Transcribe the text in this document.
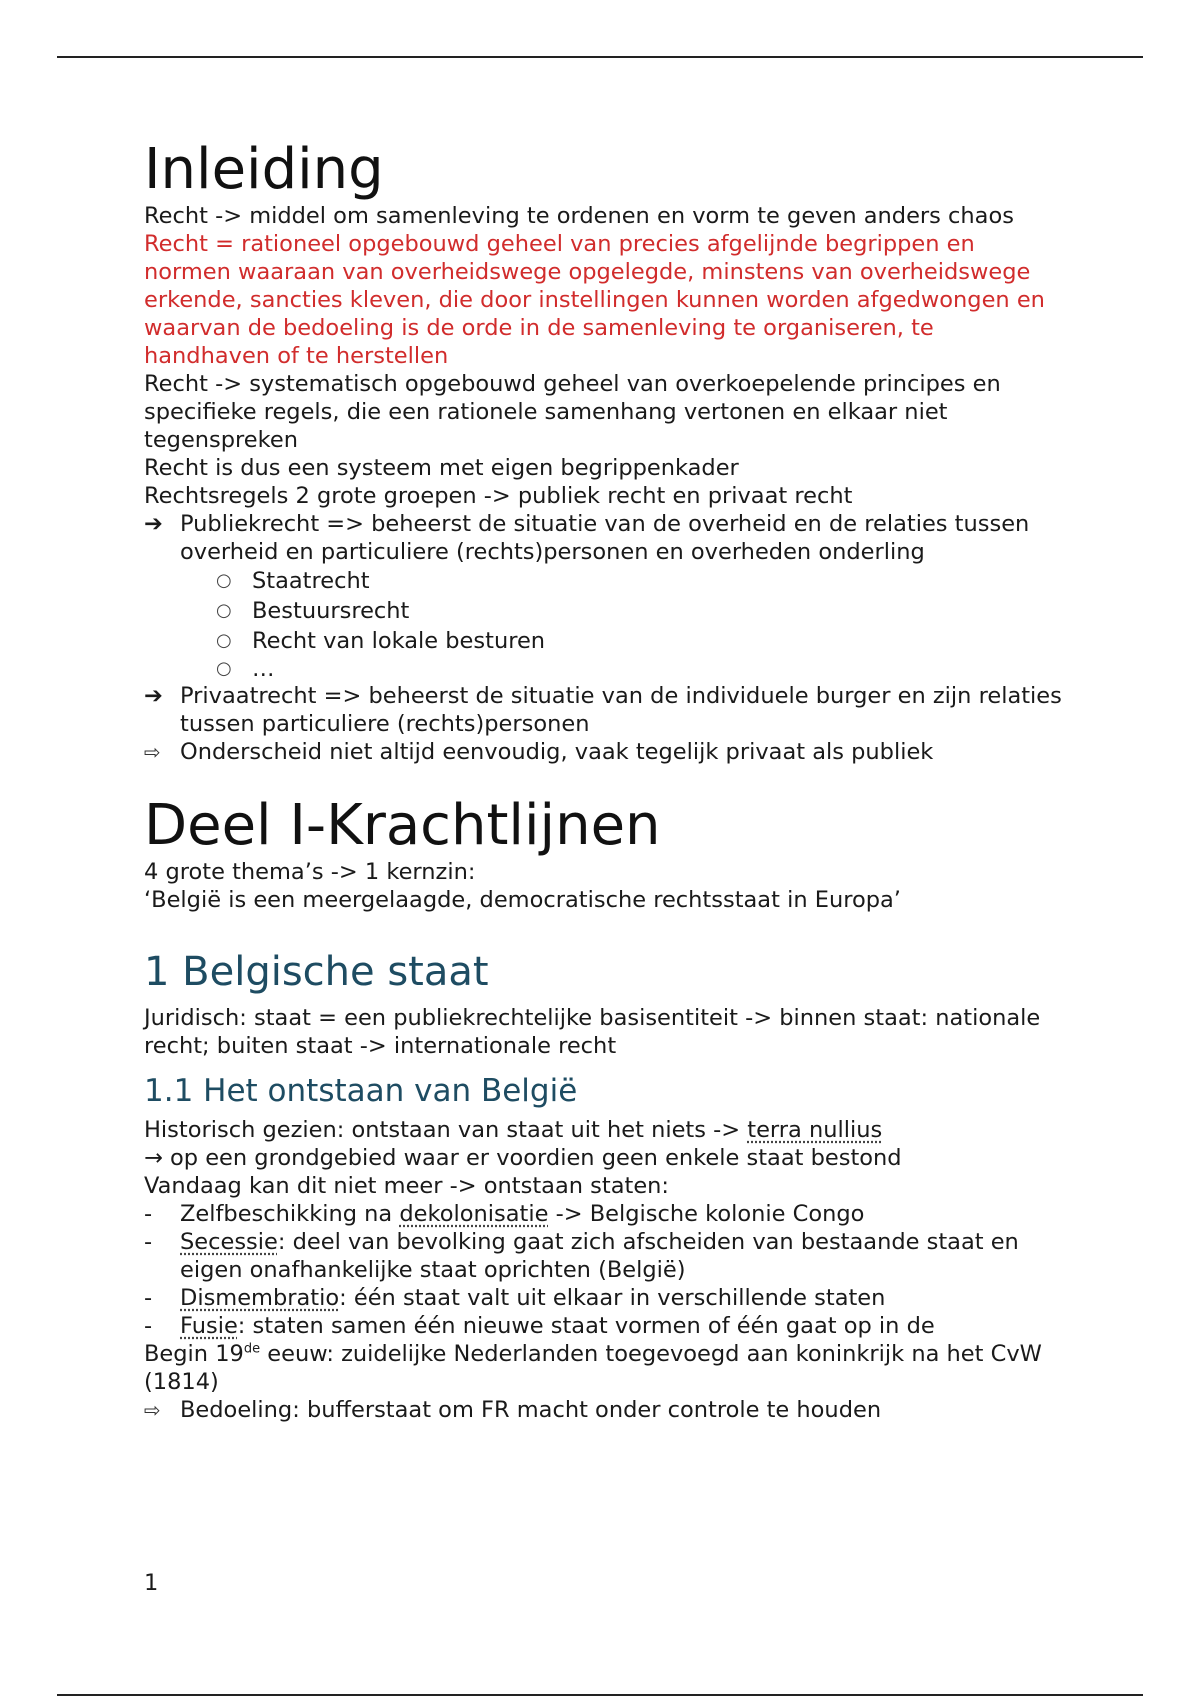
Inleiding

Recht -> middel om samenleving te ordenen en vorm te geven anders chaos

Recht = rationeel opgebouwd geheel van precies afgelijnde begrippen en normen waaraan van overheidswege opgelegde, minstens van overheidswege erkende, sancties kleven, die door instellingen kunnen worden afgedwongen en waarvan de bedoeling is de orde in de samenleving te organiseren, te handhaven of te herstellen

Recht -> systematisch opgebouwd geheel van overkoepelende principes en specifieke regels, die een rationele samenhang vertonen en elkaar niet tegenspreken

Recht is dus een systeem met eigen begrippenkader

Rechtsregels 2 grote groepen -> publiek recht en privaat recht

➔ Publiekrecht => beheerst de situatie van de overheid en de relaties tussen overheid en particuliere (rechts)personen en overheden onderling
○ Staatrecht
○ Bestuursrecht
○ Recht van lokale besturen
○ …
➔ Privaatrecht => beheerst de situatie van de individuele burger en zijn relaties tussen particuliere (rechts)personen
⇨ Onderscheid niet altijd eenvoudig, vaak tegelijk privaat als publiek
Deel I-Krachtlijnen

4 grote thema’s -> 1 kernzin:

‘België is een meergelaagde, democratische rechtsstaat in Europa’

1 Belgische staat

Juridisch: staat = een publiekrechtelijke basisentiteit -> binnen staat: nationale recht; buiten staat -> internationale recht

1.1 Het ontstaan van België

Historisch gezien: ontstaan van staat uit het niets -> terra nullius

→ op een grondgebied waar er voordien geen enkele staat bestond

Vandaag kan dit niet meer -> ontstaan staten:

-	Zelfbeschikking na dekolonisatie -> Belgische kolonie Congo
-	Secessie: deel van bevolking gaat zich afscheiden van bestaande staat en eigen onafhankelijke staat oprichten (België)
-	Dismembratio: één staat valt uit elkaar in verschillende staten
-	Fusie: staten samen één nieuwe staat vormen of één gaat op in de

Begin 19de eeuw: zuidelijke Nederlanden toegevoegd aan koninkrijk na het CvW (1814)

⇨ Bedoeling: bufferstaat om FR macht onder controle te houden
1
